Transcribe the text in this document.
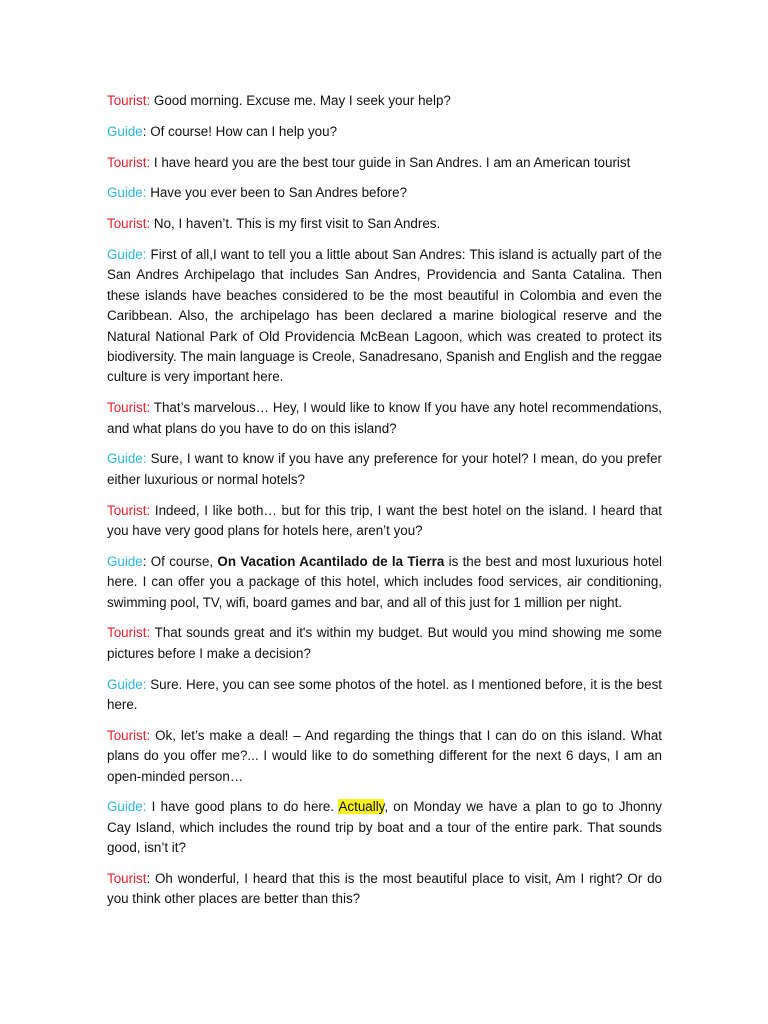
Tourist: Good morning. Excuse me. May I seek your help?

Guide: Of course! How can I help you?

Tourist: I have heard you are the best tour guide in San Andres. I am an American tourist

Guide: Have you ever been to San Andres before?

Tourist: No, I haven’t. This is my first visit to San Andres.

Guide: First of all,I want to tell you a little about San Andres: This island is actually part of the San Andres Archipelago that includes San Andres, Providencia and Santa Catalina. Then these islands have beaches considered to be the most beautiful in Colombia and even the Caribbean. Also, the archipelago has been declared a marine biological reserve and the Natural National Park of Old Providencia McBean Lagoon, which was created to protect its biodiversity. The main language is Creole, Sanadresano, Spanish and English and the reggae culture is very important here.

Tourist: That’s marvelous… Hey, I would like to know If you have any hotel recommendations, and what plans do you have to do on this island?

Guide: Sure, I want to know if you have any preference for your hotel? I mean, do you prefer either luxurious or normal hotels?

Tourist: Indeed, I like both… but for this trip, I want the best hotel on the island. I heard that you have very good plans for hotels here, aren’t you?

Guide: Of course, On Vacation Acantilado de la Tierra is the best and most luxurious hotel here. I can offer you a package of this hotel, which includes food services, air conditioning, swimming pool, TV, wifi, board games and bar, and all of this just for 1 million per night.

Tourist: That sounds great and it's within my budget. But would you mind showing me some pictures before I make a decision?

Guide: Sure. Here, you can see some photos of the hotel. as I mentioned before, it is the best here.

Tourist: Ok, let’s make a deal! – And regarding the things that I can do on this island. What plans do you offer me?... I would like to do something different for the next 6 days, I am an open-minded person…

Guide: I have good plans to do here. Actually, on Monday we have a plan to go to Jhonny Cay Island, which includes the round trip by boat and a tour of the entire park. That sounds good, isn’t it?

Tourist: Oh wonderful, I heard that this is the most beautiful place to visit, Am I right? Or do you think other places are better than this?
